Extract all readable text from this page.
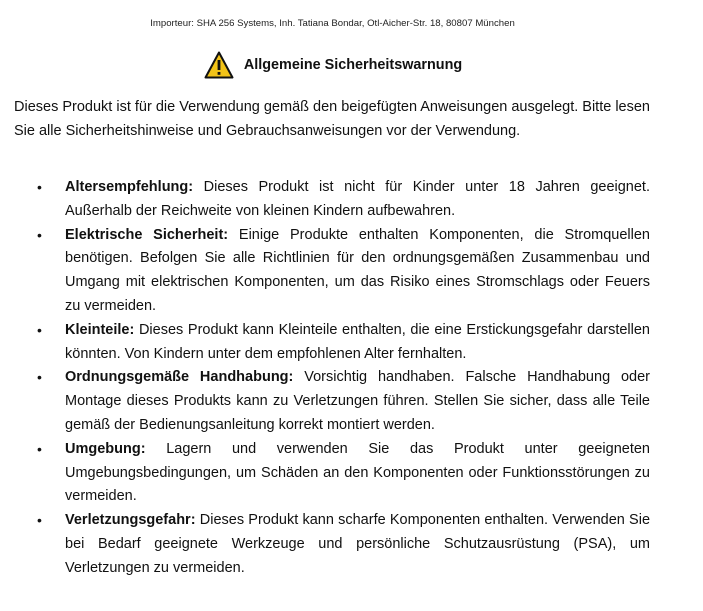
Importeur: SHA 256 Systems, Inh. Tatiana Bondar, Otl-Aicher-Str. 18, 80807 München
Allgemeine Sicherheitswarnung
Dieses Produkt ist für die Verwendung gemäß den beigefügten Anweisungen ausgelegt. Bitte lesen Sie alle Sicherheitshinweise und Gebrauchsanweisungen vor der Verwendung.
• Altersempfehlung: Dieses Produkt ist nicht für Kinder unter 18 Jahren geeignet. Außerhalb der Reichweite von kleinen Kindern aufbewahren.
• Elektrische Sicherheit: Einige Produkte enthalten Komponenten, die Stromquellen benötigen. Befolgen Sie alle Richtlinien für den ordnungsgemäßen Zusammenbau und Umgang mit elektrischen Komponenten, um das Risiko eines Stromschlags oder Feuers zu vermeiden.
• Kleinteile: Dieses Produkt kann Kleinteile enthalten, die eine Erstickungsgefahr darstellen könnten. Von Kindern unter dem empfohlenen Alter fernhalten.
• Ordnungsgemäße Handhabung: Vorsichtig handhaben. Falsche Handhabung oder Montage dieses Produkts kann zu Verletzungen führen. Stellen Sie sicher, dass alle Teile gemäß der Bedienungsanleitung korrekt montiert werden.
• Umgebung: Lagern und verwenden Sie das Produkt unter geeigneten Umgebungsbedingungen, um Schäden an den Komponenten oder Funktionsstörungen zu vermeiden.
• Verletzungsgefahr: Dieses Produkt kann scharfe Komponenten enthalten. Verwenden Sie bei Bedarf geeignete Werkzeuge und persönliche Schutzausrüstung (PSA), um Verletzungen zu vermeiden.
